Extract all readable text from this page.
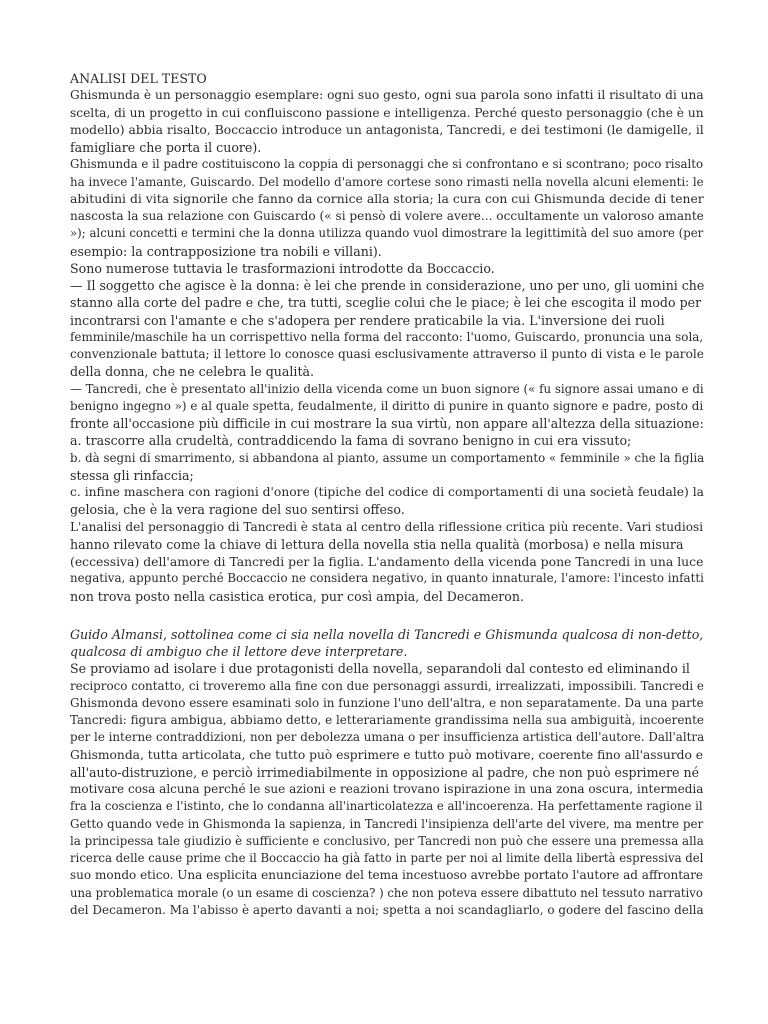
ANALISI DEL TESTO
Ghismunda è un personaggio esemplare: ogni suo gesto, ogni sua parola sono infatti il risultato di una
scelta, di un progetto in cui confluiscono passione e intelligenza. Perché questo personaggio (che è un
modello) abbia risalto, Boccaccio introduce un antagonista, Tancredi, e dei testimoni (le damigelle, il
famigliare che porta il cuore).
Ghismunda e il padre costituiscono la coppia di personaggi che si confrontano e si scontrano; poco risalto
ha invece l'amante, Guiscardo. Del modello d'amore cortese sono rimasti nella novella alcuni elementi: le
abitudini di vita signorile che fanno da cornice alla storia; la cura con cui Ghismunda decide di tener
nascosta la sua relazione con Guiscardo (« si pensò di volere avere... occultamente un valoroso amante
»); alcuni concetti e termini che la donna utilizza quando vuol dimostrare la legittimità del suo amore (per
esempio: la contrapposizione tra nobili e villani).
Sono numerose tuttavia le trasformazioni introdotte da Boccaccio.
— Il soggetto che agisce è la donna: è lei che prende in considerazione, uno per uno, gli uomini che
stanno alla corte del padre e che, tra tutti, sceglie colui che le piace; è lei che escogita il modo per
incontrarsi con l'amante e che s'adopera per rendere praticabile la via. L'inversione dei ruoli
femminile/maschile ha un corrispettivo nella forma del racconto: l'uomo, Guiscardo, pronuncia una sola,
convenzionale battuta; il lettore lo conosce quasi esclusivamente attraverso il punto di vista e le parole
della donna, che ne celebra le qualità.
— Tancredi, che è presentato all'inizio della vicenda come un buon signore (« fu signore assai umano e di
benigno ingegno ») e al quale spetta, feudalmente, il diritto di punire in quanto signore e padre, posto di
fronte all'occasione più difficile in cui mostrare la sua virtù, non appare all'altezza della situazione:
a. trascorre alla crudeltà, contraddicendo la fama di sovrano benigno in cui era vissuto;
b. dà segni di smarrimento, si abbandona al pianto, assume un comportamento « femminile » che la figlia
stessa gli rinfaccia;
c. infine maschera con ragioni d'onore (tipiche del codice di comportamenti di una società feudale) la
gelosia, che è la vera ragione del suo sentirsi offeso.
L'analisi del personaggio di Tancredi è stata al centro della riflessione critica più recente. Vari studiosi
hanno rilevato come la chiave di lettura della novella stia nella qualità (morbosa) e nella misura
(eccessiva) dell'amore di Tancredi per la figlia. L'andamento della vicenda pone Tancredi in una luce
negativa, appunto perché Boccaccio ne considera negativo, in quanto innaturale, l'amore: l'incesto infatti
non trova posto nella casistica erotica, pur così ampia, del Decameron.
Guido Almansi, sottolinea come ci sia nella novella di Tancredi e Ghismunda qualcosa di non-detto,
qualcosa di ambiguo che il lettore deve interpretare.
Se proviamo ad isolare i due protagonisti della novella, separandoli dal contesto ed eliminando il
reciproco contatto, ci troveremo alla fine con due personaggi assurdi, irrealizzati, impossibili. Tancredi e
Ghismonda devono essere esaminati solo in funzione l'uno dell'altra, e non separatamente. Da una parte
Tancredi: figura ambigua, abbiamo detto, e letterariamente grandissima nella sua ambiguità, incoerente
per le interne contraddizioni, non per debolezza umana o per insufficienza artistica dell'autore. Dall'altra
Ghismonda, tutta articolata, che tutto può esprimere e tutto può motivare, coerente fino all'assurdo e
all'auto-distruzione, e perciò irrimediabilmente in opposizione al padre, che non può esprimere né
motivare cosa alcuna perché le sue azioni e reazioni trovano ispirazione in una zona oscura, intermedia
fra la coscienza e l'istinto, che lo condanna all'inarticolatezza e all'incoerenza. Ha perfettamente ragione il
Getto quando vede in Ghismonda la sapienza, in Tancredi l'insipienza dell'arte del vivere, ma mentre per
la principessa tale giudizio è sufficiente e conclusivo, per Tancredi non può che essere una premessa alla
ricerca delle cause prime che il Boccaccio ha già fatto in parte per noi al limite della libertà espressiva del
suo mondo etico. Una esplicita enunciazione del tema incestuoso avrebbe portato l'autore ad affrontare
una problematica morale (o un esame di coscienza? ) che non poteva essere dibattuto nel tessuto narrativo
del Decameron. Ma l'abisso è aperto davanti a noi; spetta a noi scandagliarlo, o godere del fascino della
